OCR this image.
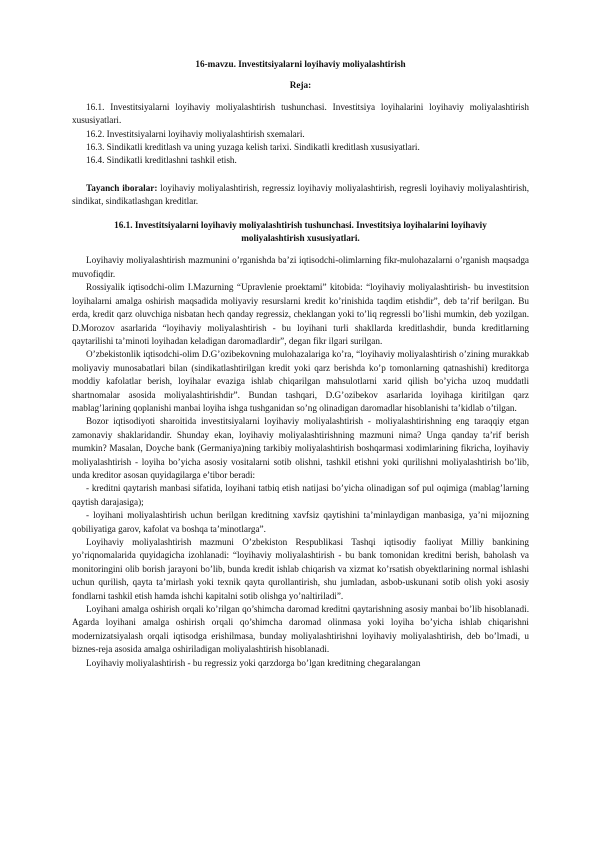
16-mavzu. Investitsiyalarni loyihaviy moliyalashtirish

Reja:

16.1. Investitsiyalarni loyihaviy moliyalashtirish tushunchasi. Investitsiya loyihalarini loyihaviy moliyalashtirish xususiyatlari.

16.2. Investitsiyalarni loyihaviy moliyalashtirish sxemalari.

16.3. Sindikatli kreditlash va uning yuzaga kelish tarixi. Sindikatli kreditlash xususiyatlari.

16.4. Sindikatli kreditlashni tashkil etish.

Tayanch iboralar: loyihaviy moliyalashtirish, regressiz loyihaviy moliyalashtirish, regresli loyihaviy moliyalashtirish, sindikat, sindikatlashgan kreditlar.

16.1. Investitsiyalarni loyihaviy moliyalashtirish tushunchasi. Investitsiya loyihalarini loyihaviy moliyalashtirish xususiyatlari.

Loyihaviy moliyalashtirish mazmunini o’rganishda ba’zi iqtisodchi-olimlarning fikr-mulohazalarni o’rganish maqsadga muvofiqdir.

Rossiyalik iqtisodchi-olim I.Mazurning “Upravlenie proektami” kitobida: “loyihaviy moliyalashtirish- bu investitsion loyihalarni amalga oshirish maqsadida moliyaviy resurslarni kredit ko’rinishida taqdim etishdir”, deb ta’rif berilgan. Bu erda, kredit qarz oluvchiga nisbatan hech qanday regressiz, cheklangan yoki to’liq regressli bo’lishi mumkin, deb yozilgan. D.Morozov asarlarida “loyihaviy moliyalashtirish - bu loyihani turli shakllarda kreditlashdir, bunda kreditlarning qaytarilishi ta’minoti loyihadan keladigan daromadlardir”, degan fikr ilgari surilgan.

O’zbekistonlik iqtisodchi-olim D.G’ozibekovning mulohazalariga ko’ra, “loyihaviy moliyalashtirish o’zining murakkab moliyaviy munosabatlari bilan (sindikatlashtirilgan kredit yoki qarz berishda ko’p tomonlarning qatnashishi) kreditorga moddiy kafolatlar berish, loyihalar evaziga ishlab chiqarilgan mahsulotlarni xarid qilish bo’yicha uzoq muddatli shartnomalar asosida moliyalashtirishdir”. Bundan tashqari, D.G’ozibekov asarlarida loyihaga kiritilgan qarz mablag’larining qoplanishi manbai loyiha ishga tushganidan so’ng olinadigan daromadlar hisoblanishi ta’kidlab o’tilgan.

Bozor iqtisodiyoti sharoitida investitsiyalarni loyihaviy moliyalashtirish - moliyalashtirishning eng taraqqiy etgan zamonaviy shaklaridandir. Shunday ekan, loyihaviy moliyalashtirishning mazmuni nima? Unga qanday ta’rif berish mumkin? Masalan, Doyche bank (Germaniya)ning tarkibiy moliyalashtirish boshqarmasi xodimlarining fikricha, loyihaviy moliyalashtirish - loyiha bo’yicha asosiy vositalarni sotib olishni, tashkil etishni yoki qurilishni moliyalashtirish bo’lib, unda kreditor asosan quyidagilarga e’tibor beradi:

- kreditni qaytarish manbasi sifatida, loyihani tatbiq etish natijasi bo’yicha olinadigan sof pul oqimiga (mablag’larning qaytish darajasiga);

- loyihani moliyalashtirish uchun berilgan kreditning xavfsiz qaytishini ta’minlaydigan manbasiga, ya’ni mijozning qobiliyatiga garov, kafolat va boshqa ta’minotlarga”.

Loyihaviy moliyalashtirish mazmuni O’zbekiston Respublikasi Tashqi iqtisodiy faoliyat Milliy bankining yo’riqnomalarida quyidagicha izohlanadi: “loyihaviy moliyalashtirish - bu bank tomonidan kreditni berish, baholash va monitoringini olib borish jarayoni bo’lib, bunda kredit ishlab chiqarish va xizmat ko’rsatish obyektlarining normal ishlashi uchun qurilish, qayta ta’mirlash yoki texnik qayta qurollantirish, shu jumladan, asbob-uskunani sotib olish yoki asosiy fondlarni tashkil etish hamda ishchi kapitalni sotib olishga yo’naltiriladi”.

Loyihani amalga oshirish orqali ko’rilgan qo’shimcha daromad kreditni qaytarishning asosiy manbai bo’lib hisoblanadi. Agarda loyihani amalga oshirish orqali qo’shimcha daromad olinmasa yoki loyiha bo’yicha ishlab chiqarishni modernizatsiyalash orqali iqtisodga erishilmasa, bunday moliyalashtirishni loyihaviy moliyalashtirish, deb bo’lmadi, u biznes-reja asosida amalga oshiriladigan moliyalashtirish hisoblanadi.

Loyihaviy moliyalashtirish - bu regressiz yoki qarzdorga bo’lgan kreditning chegaralangan
